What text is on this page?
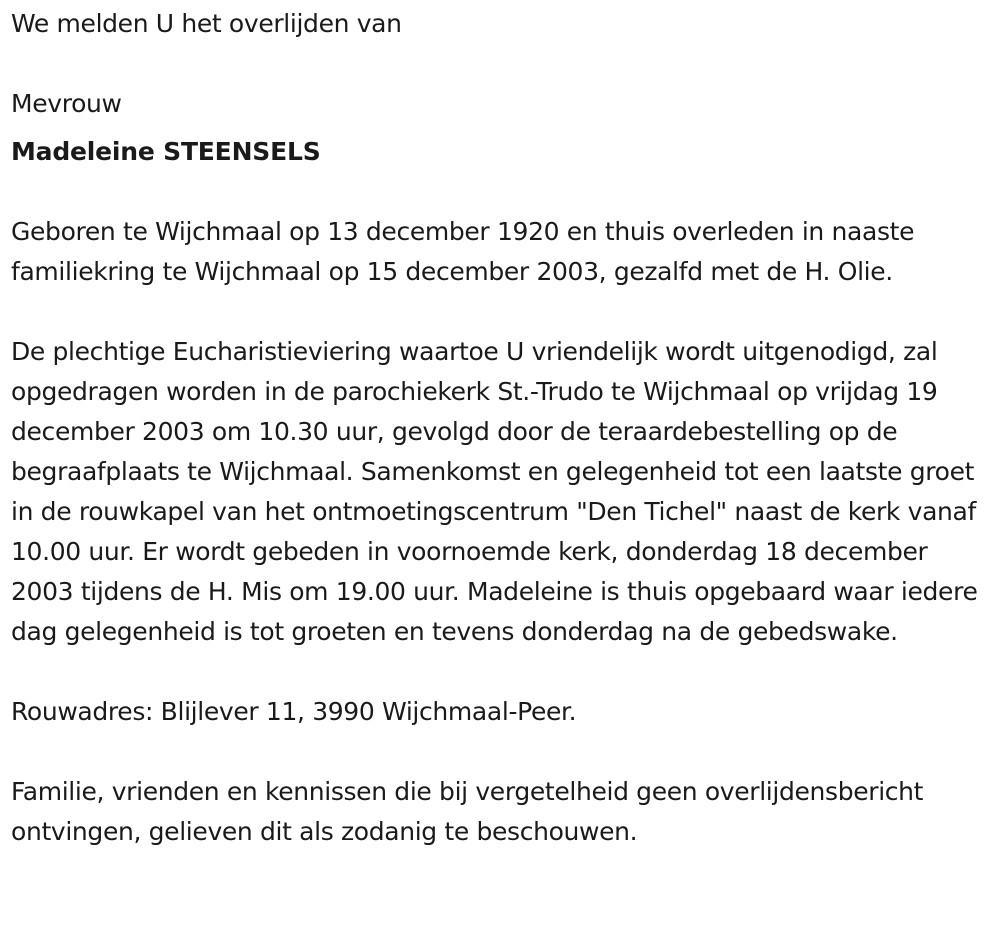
We melden U het overlijden van

Mevrouw

Madeleine STEENSELS

Geboren te Wijchmaal op 13 december 1920 en thuis overleden in naaste familiekring te Wijchmaal op 15 december 2003, gezalfd met de H. Olie.

De plechtige Eucharistieviering waartoe U vriendelijk wordt uitgenodigd, zal opgedragen worden in de parochiekerk St.-Trudo te Wijchmaal op vrijdag 19 december 2003 om 10.30 uur, gevolgd door de teraardebestelling op de begraafplaats te Wijchmaal. Samenkomst en gelegenheid tot een laatste groet in de rouwkapel van het ontmoetingscentrum "Den Tichel" naast de kerk vanaf 10.00 uur. Er wordt gebeden in voornoemde kerk, donderdag 18 december 2003 tijdens de H. Mis om 19.00 uur. Madeleine is thuis opgebaard waar iedere dag gelegenheid is tot groeten en tevens donderdag na de gebedswake.

Rouwadres: Blijlever 11, 3990 Wijchmaal-Peer.

Familie, vrienden en kennissen die bij vergetelheid geen overlijdensbericht ontvingen, gelieven dit als zodanig te beschouwen.
